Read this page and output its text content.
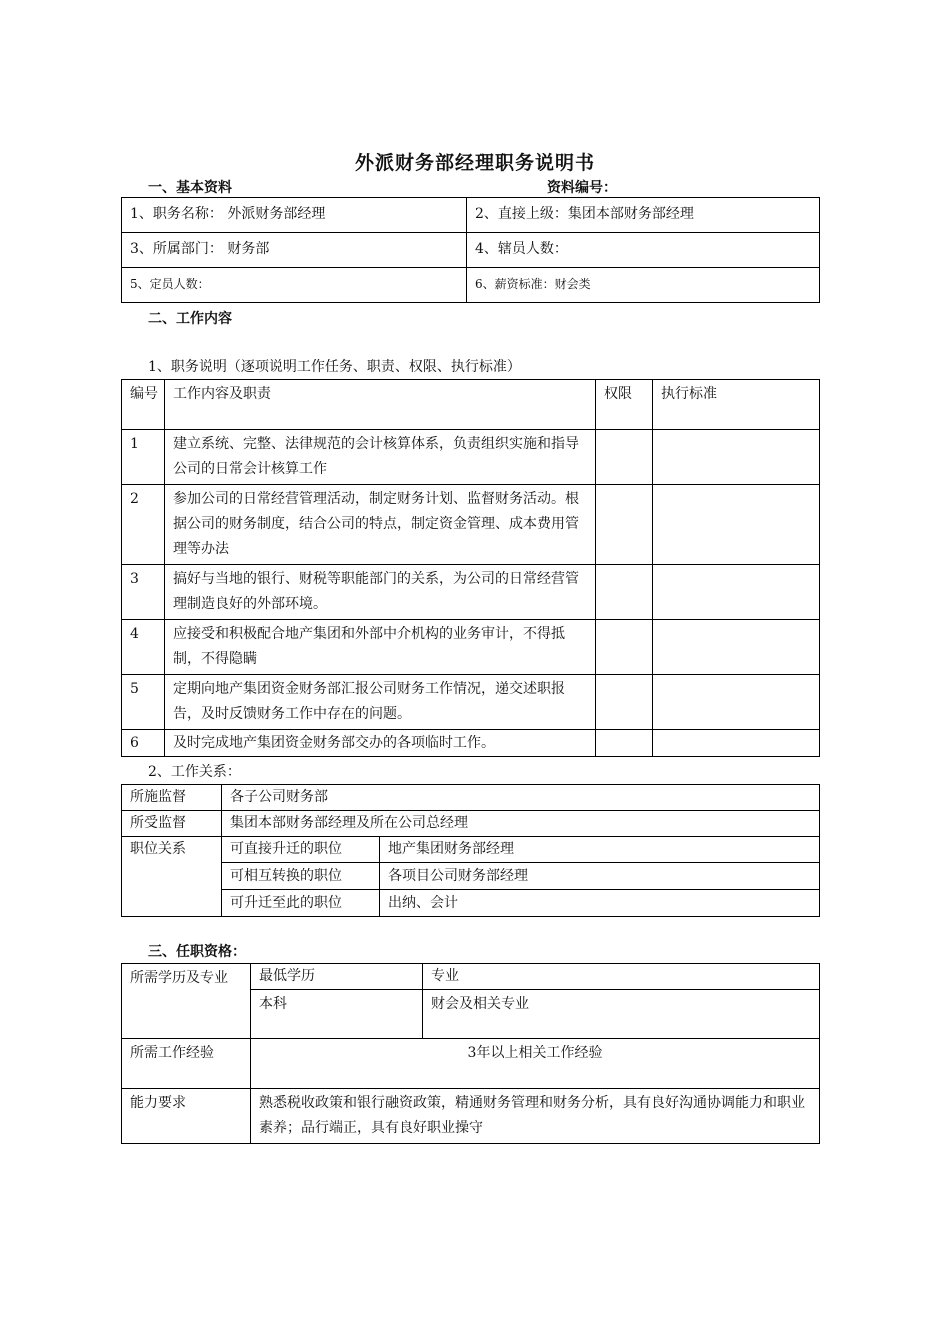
外派财务部经理职务说明书
一、基本资料	资料编号：
1、职务名称： 外派财务部经理	2、直接上级：集团本部财务部经理
3、所属部门： 财务部	4、辖员人数：
5、定员人数：	6、薪资标准：财会类
二、工作内容
1、职务说明（逐项说明工作任务、职责、权限、执行标准）
编号	工作内容及职责	权限	执行标准
1	建立系统、完整、法律规范的会计核算体系，负责组织实施和指导公司的日常会计核算工作		
2	参加公司的日常经营管理活动，制定财务计划、监督财务活动。根据公司的财务制度，结合公司的特点，制定资金管理、成本费用管理等办法		
3	搞好与当地的银行、财税等职能部门的关系，为公司的日常经营管理制造良好的外部环境。		
4	应接受和积极配合地产集团和外部中介机构的业务审计，不得抵制，不得隐瞒		
5	定期向地产集团资金财务部汇报公司财务工作情况，递交述职报告，及时反馈财务工作中存在的问题。		
6	及时完成地产集团资金财务部交办的各项临时工作。		
2、工作关系：
所施监督	各子公司财务部	
所受监督	集团本部财务部经理及所在公司总经理	
职位关系	可直接升迁的职位	地产集团财务部经理
	可相互转换的职位	各项目公司财务部经理
	可升迁至此的职位	出纳、会计
三、任职资格：
所需学历及专业	最低学历	专业
	本科	财会及相关专业
所需工作经验	3年以上相关工作经验	
能力要求	熟悉税收政策和银行融资政策，精通财务管理和财务分析，具有良好沟通协调能力和职业素养；品行端正，具有良好职业操守	
